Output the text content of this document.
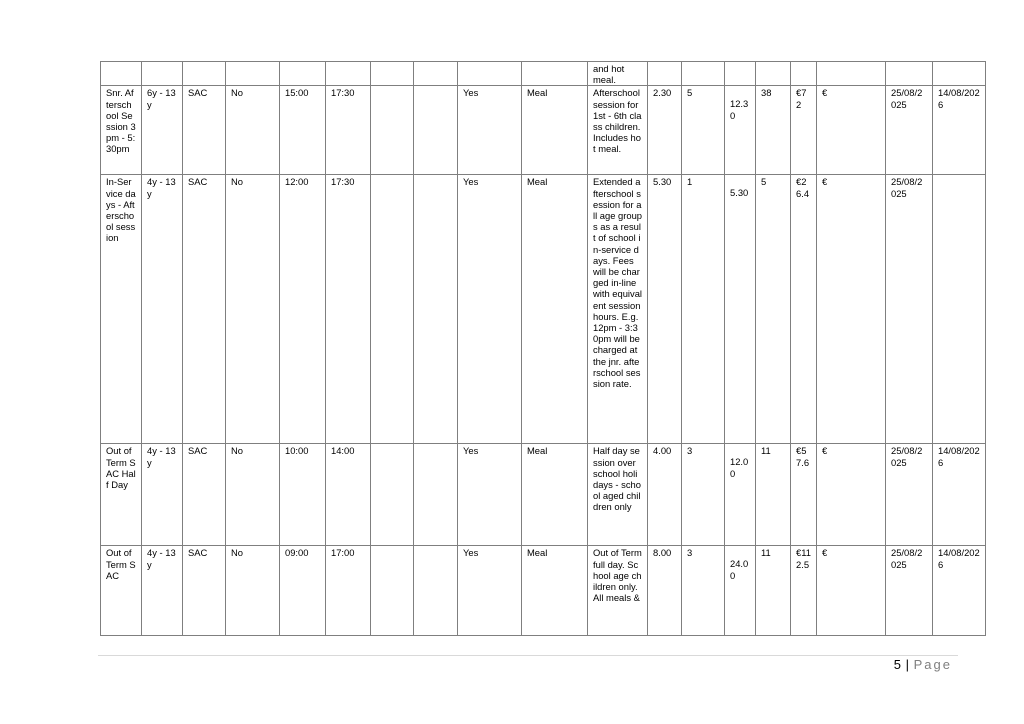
										and hot meal.								
Snr. Afterschool Session 3pm - 5:30pm	6y - 13y	SAC	No	15:00	17:30			Yes	Meal	Afterschool session for 1st - 6th class children. Includes hot meal.	2.30	5	12.30	38	€72	€	25/08/2025	14/08/2026
In-Service days - Afterschool session	4y - 13y	SAC	No	12:00	17:30			Yes	Meal	Extended afterschool session for all age groups as a result of school in-service days. Fees will be charged in-line with equivalent session hours. E.g. 12pm - 3:30pm will be charged at the jnr. afterschool session rate.	5.30	1	5.30	5	€26.4	€	25/08/2025	
Out of Term SAC Half Day	4y - 13y	SAC	No	10:00	14:00			Yes	Meal	Half day session over school holidays - school aged children only	4.00	3	12.00	11	€57.6	€	25/08/2025	14/08/2026
Out of Term SAC	4y - 13y	SAC	No	09:00	17:00			Yes	Meal	Out of Term full day. School age children only. All meals &	8.00	3	24.00	11	€112.5	€	25/08/2025	14/08/2026
5 | Page
